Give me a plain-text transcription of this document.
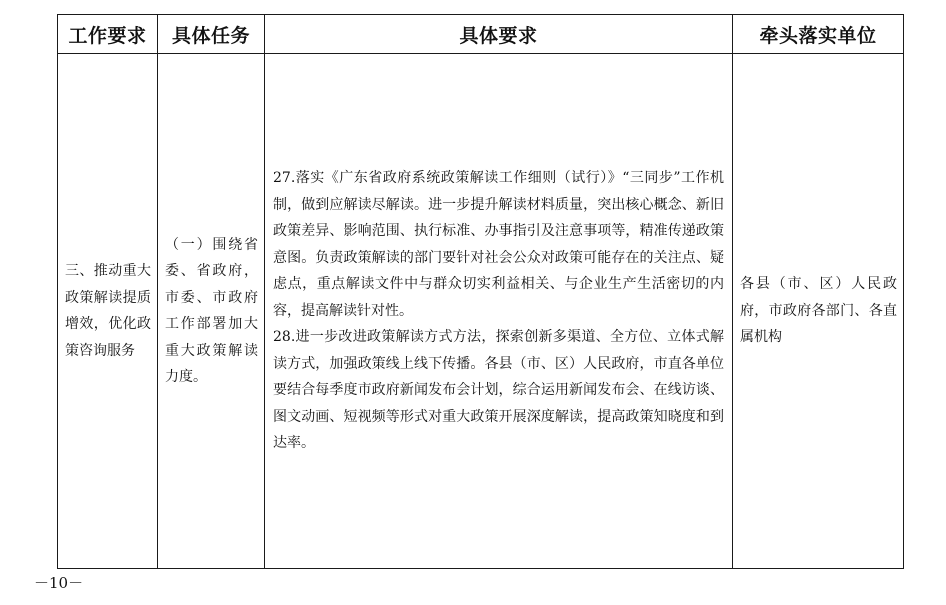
工作要求	具体任务	具体要求	牵头落实单位

三、推动重大政策解读提质增效，优化政策咨询服务	（一）围绕省委、省政府，市委、市政府工作部署加大重大政策解读力度。	27.落实《广东省政府系统政策解读工作细则（试行）》“三同步”工作机制，做到应解读尽解读。进一步提升解读材料质量，突出核心概念、新旧政策差异、影响范围、执行标准、办事指引及注意事项等，精准传递政策意图。负责政策解读的部门要针对社会公众对政策可能存在的关注点、疑虑点，重点解读文件中与群众切实利益相关、与企业生产生活密切的内容，提高解读针对性。
28.进一步改进政策解读方式方法，探索创新多渠道、全方位、立体式解读方式，加强政策线上线下传播。各县（市、区）人民政府，市直各单位要结合每季度市政府新闻发布会计划，综合运用新闻发布会、在线访谈、图文动画、短视频等形式对重大政策开展深度解读，提高政策知晓度和到达率。	各县（市、区）人民政府，市政府各部门、各直属机构
－10－
